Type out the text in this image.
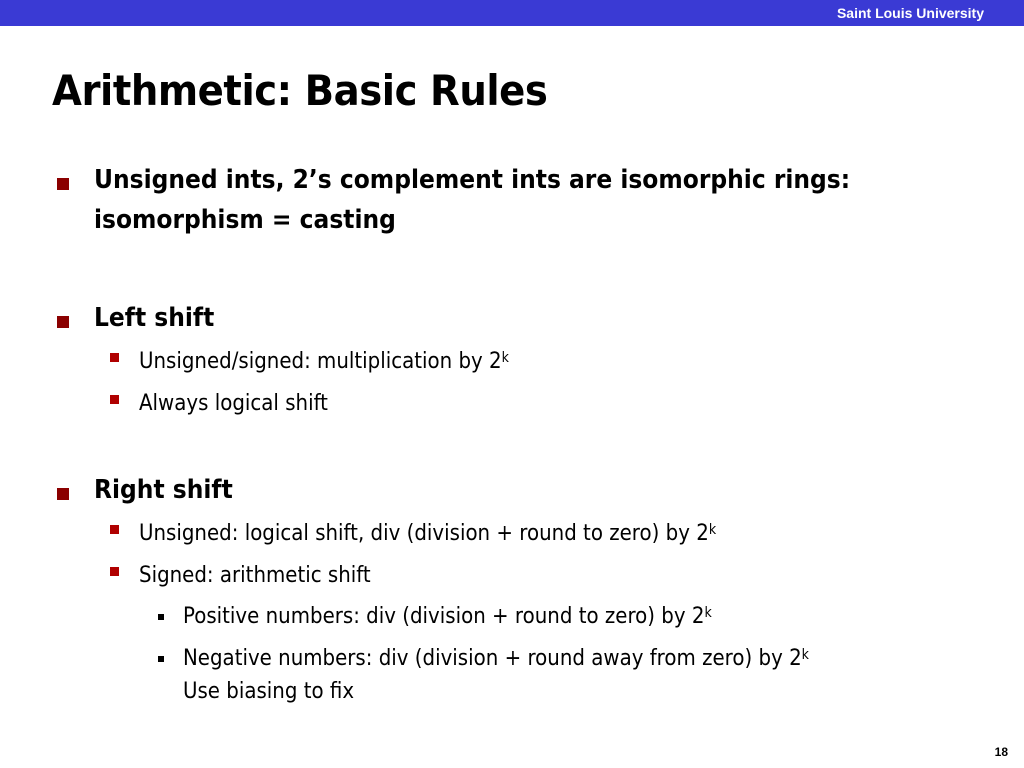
Saint Louis University
Arithmetic: Basic Rules
Unsigned ints, 2’s complement ints are isomorphic rings:
isomorphism = casting
Left shift
Unsigned/signed: multiplication by 2$^k$
Always logical shift
Right shift
Unsigned: logical shift, div (division + round to zero) by 2$^k$
Signed: arithmetic shift
Positive numbers: div (division + round to zero) by 2$^k$
Negative numbers: div (division + round away from zero) by 2$^k$
Use biasing to fix
18
